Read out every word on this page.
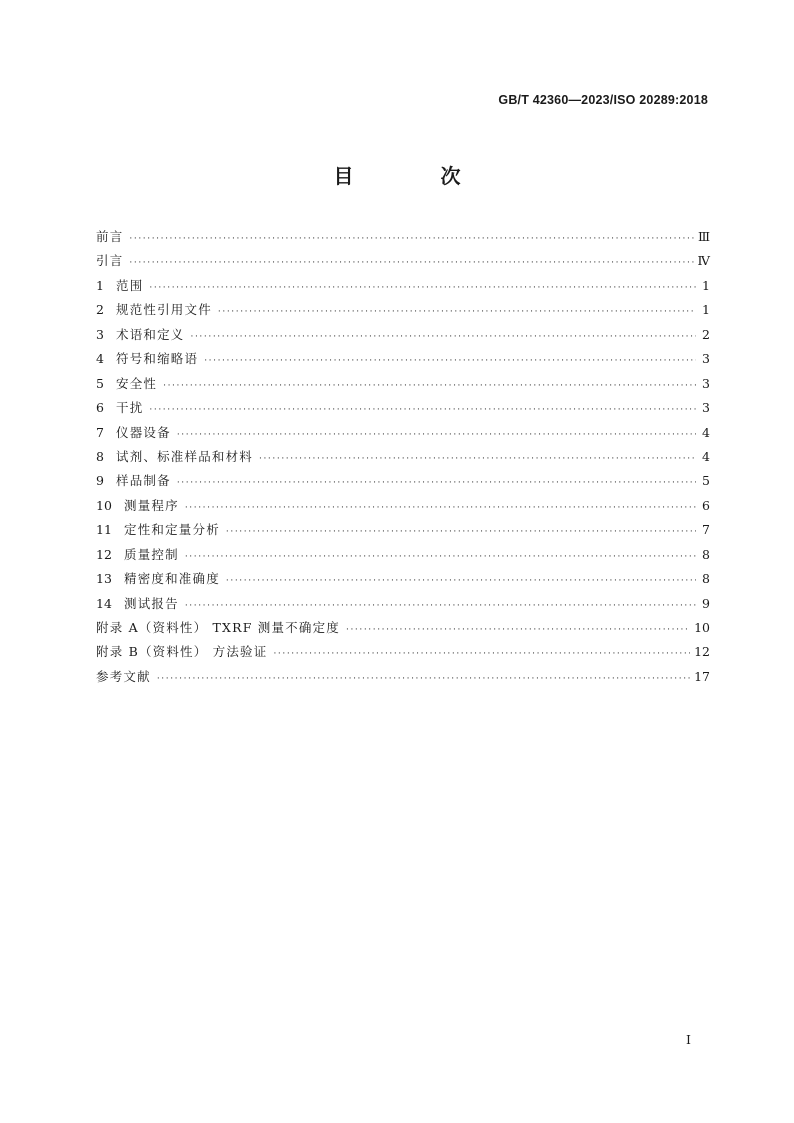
GB/T 42360—2023/ISO 20289:2018
目 次
前言 ·····	Ⅲ
引言 ·····	Ⅳ
1 范围 ·····	1
2 规范性引用文件 ·····	1
3 术语和定义 ·····	2
4 符号和缩略语 ·····	3
5 安全性 ·····	3
6 干扰 ·····	3
7 仪器设备 ·····	4
8 试剂、标准样品和材料 ·····	4
9 样品制备 ·····	5
10 测量程序 ·····	6
11 定性和定量分析 ·····	7
12 质量控制 ·····	8
13 精密度和准确度 ·····	8
14 测试报告 ·····	9
附录 A（资料性） TXRF 测量不确定度 ·····	10
附录 B（资料性） 方法验证 ·····	12
参考文献 ·····	17
I
